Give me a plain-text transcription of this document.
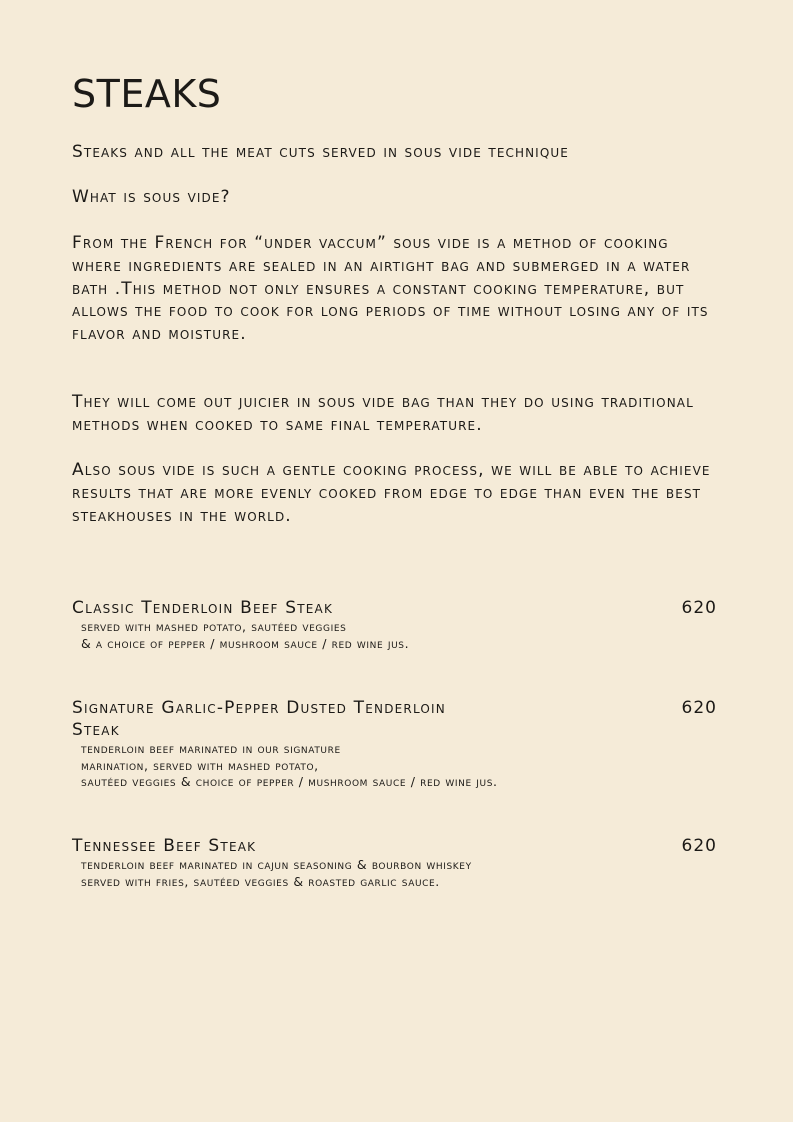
STEAKS
Steaks and all the meat cuts served in sous vide technique
What is sous vide?

From the French for “under vaccum” sous vide is a method of cooking where ingredients are sealed in an airtight bag and submerged in a water bath .This method not only ensures a constant cooking temperature, but allows the food to cook for long periods of time without losing any of its flavor and moisture.

They will come out juicier in sous vide bag than they do using traditional methods when cooked to same final temperature.

Also sous vide is such a gentle cooking process, we will be able to achieve results that are more evenly cooked from edge to edge than even the best steakhouses in the world.

Classic Tenderloin Beef Steak	620
served with mashed potato, sautéed veggies
& a choice of pepper / mushroom sauce / red wine jus.
Signature Garlic-Pepper Dusted Tenderloin Steak
620
tenderloin beef marinated in our signature
marination, served with mashed potato,
sautéed veggies & choice of pepper / mushroom sauce / red wine jus.
Tennessee Beef Steak	620
tenderloin beef marinated in cajun seasoning & bourbon whiskey
served with fries, sautéed veggies & roasted garlic sauce.
